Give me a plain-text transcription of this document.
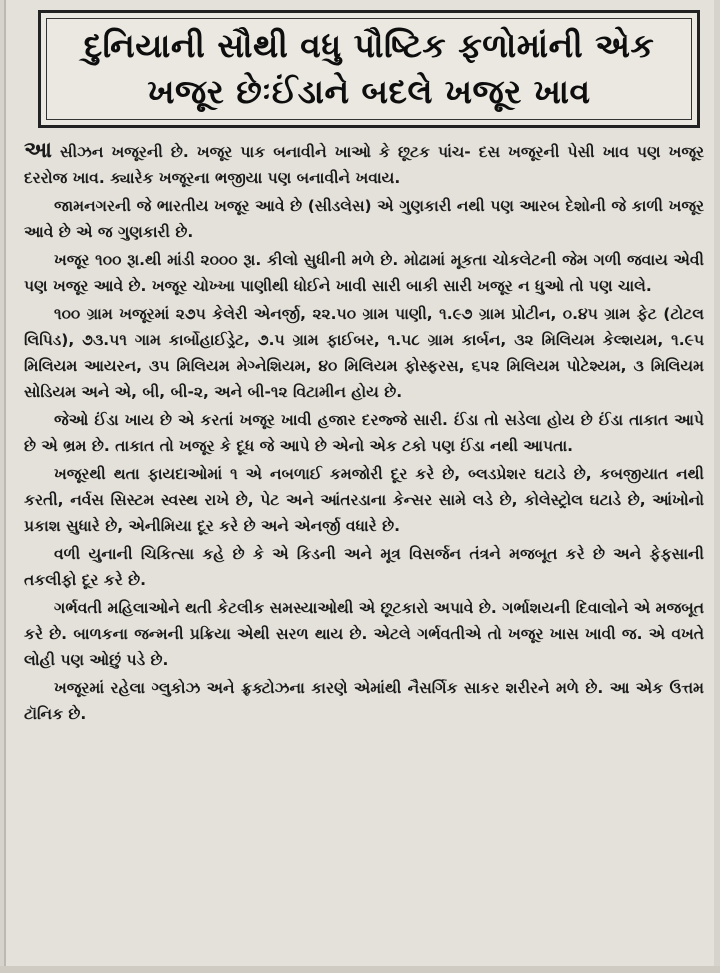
દુનિયાની સૌથી વધુ પૌષ્ટિક ફળોમાંની એક
ખજૂર છેઃઈંડાને બદલે ખજૂર ખાવ

આ સીઝન ખજૂરની છે. ખજૂર પાક બનાવીને ખાઓ કે છૂટક પાંચ- દસ ખજૂરની પેસી ખાવ પણ ખજૂર દરરોજ ખાવ. ક્યારેક ખજૂરના ભજીયા પણ બનાવીને ખવાય.

જામનગરની જે ભારતીય ખજૂર આવે છે (સીડલેસ) એ ગુણકારી નથી પણ આરબ દેશોની જે કાળી ખજૂર આવે છે એ જ ગુણકારી છે.

ખજૂર ૧૦૦ રૂા.થી માંડી ૨૦૦૦ રૂા. કીલો સુધીની મળે છે. મોઢામાં મૂકતા ચોકલેટની જેમ ગળી જવાય એવી પણ ખજૂર આવે છે. ખજૂર ચોખ્ખા પાણીથી ધોઈને ખાવી સારી બાકી સારી ખજૂર ન ધુઓ તો પણ ચાલે.

૧૦૦ ગ્રામ ખજૂરમાં ૨૭૫ કેલેરી એનર્જી, ૨૨.૫૦ ગ્રામ પાણી, ૧.૯૭ ગ્રામ પ્રોટીન, ૦.૪૫ ગ્રામ ફેટ (ટોટલ લિપિડ), ૭૩.૫૧ ગામ કાર્બોહાઈડ્રેટ, ૭.૫ ગ્રામ ફાઈબર, ૧.૫૮ ગ્રામ કાર્બન, ૩૨ મિલિયમ કેલ્શયમ, ૧.૯૫ મિલિયમ આયરન, ૩૫ મિલિયમ મેગ્નેશિયમ, ૪૦ મિલિયમ ફોસ્ફરસ, ૬૫૨ મિલિયમ પોટેશ્યમ, ૩ મિલિયમ સોડિયમ અને એ, બી, બી-૨, અને બી-૧૨ વિટામીન હોય છે.

જેઓ ઈંડા ખાય છે એ કરતાં ખજૂર ખાવી હજાર દરજ્જે સારી. ઈંડા તો સડેલા હોય છે ઈંડા તાકાત આપે છે એ ભ્રમ છે. તાકાત તો ખજૂર કે દૂધ જે આપે છે એનો એક ટકો પણ ઈંડા નથી આપતા.

ખજૂરથી થતા ફાયદાઓમાં ૧ એ નબળાઈ કમજોરી દૂર કરે છે, બ્લડપ્રેશર ઘટાડે છે, કબજીયાત નથી કરતી, નર્વસ સિસ્ટમ સ્વસ્થ રાખે છે, પેટ અને આંતરડાના કેન્સર સામે લડે છે, કોલેસ્ટ્રોલ ઘટાડે છે, આંખોનો પ્રકાશ સુધારે છે, એનીમિયા દૂર કરે છે અને એનર્જી વધારે છે.

વળી યુનાની ચિકિત્સા કહે છે કે એ કિડની અને મૂત્ર વિસર્જન તંત્રને મજબૂત કરે છે અને ફેફસાની તકલીફો દૂર કરે છે.

ગર્ભવતી મહિલાઓને થતી કેટલીક સમસ્યાઓથી એ છૂટકારો અપાવે છે. ગર્ભાશયની દિવાલોને એ મજબૂત કરે છે. બાળકના જન્મની પ્રક્રિયા એથી સરળ થાય છે. એટલે ગર્ભવતીએ તો ખજૂર ખાસ ખાવી જ. એ વખતે લોહી પણ ઓછું પડે છે.

ખજૂરમાં રહેલા ગ્લુકોઝ અને ફ્રક્ટોઝના કારણે એમાંથી નૈસર્ગિક સાકર શરીરને મળે છે. આ એક ઉત્તમ ટૉનિક છે.
